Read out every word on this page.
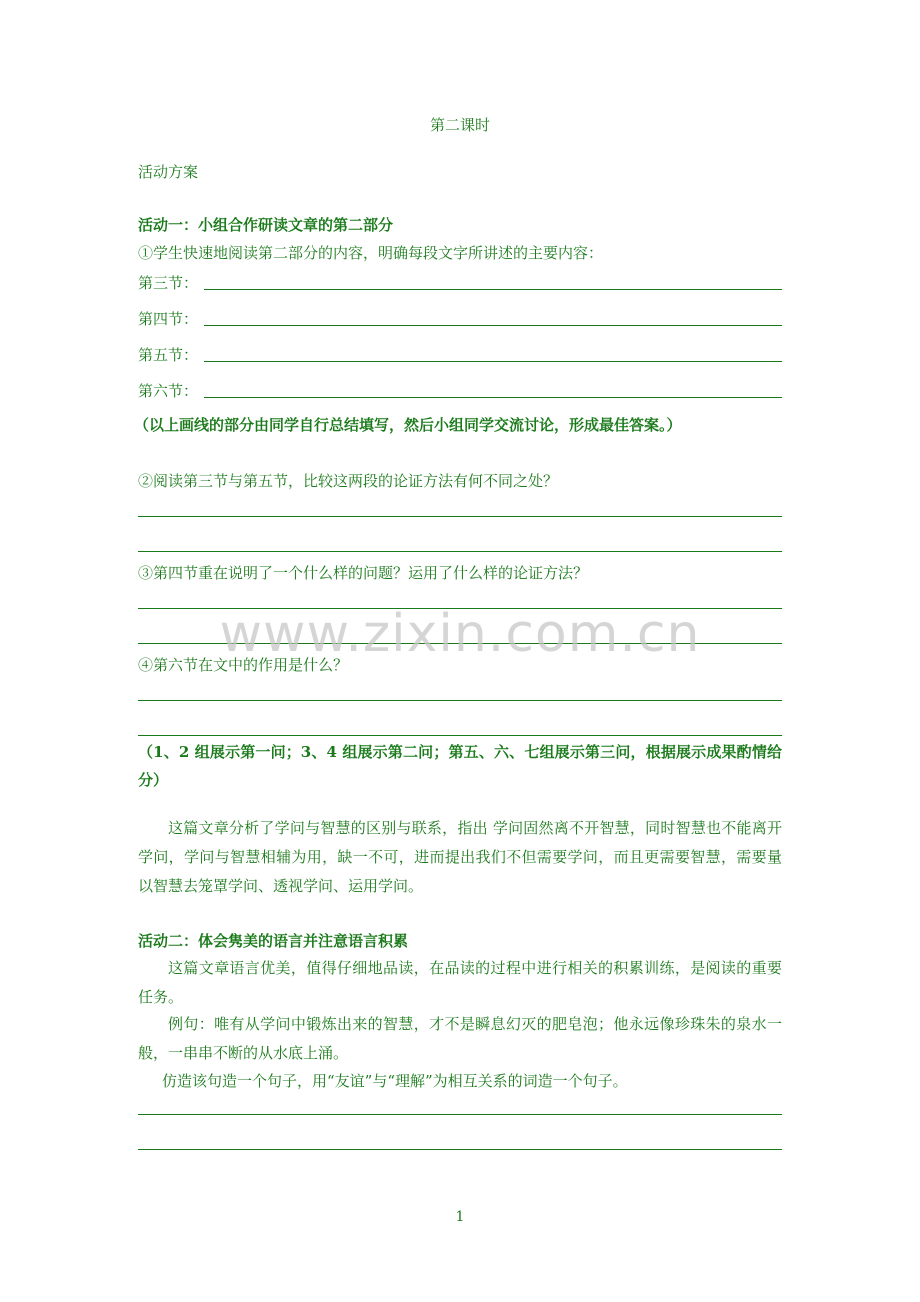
第二课时
活动方案
活动一：小组合作研读文章的第二部分
①学生快速地阅读第二部分的内容，明确每段文字所讲述的主要内容：
第三节：
第四节：
第五节：
第六节：
（以上画线的部分由同学自行总结填写，然后小组同学交流讨论，形成最佳答案。）
②阅读第三节与第五节，比较这两段的论证方法有何不同之处？
③第四节重在说明了一个什么样的问题？运用了什么样的论证方法？
④第六节在文中的作用是什么？
（1、2 组展示第一问；3、4 组展示第二问；第五、六、七组展示第三问，根据展示成果酌情给分）
这篇文章分析了学问与智慧的区别与联系，指出 学问固然离不开智慧，同时智慧也不能离开学问，学问与智慧相辅为用，缺一不可，进而提出我们不但需要学问，而且更需要智慧，需要量以智慧去笼罩学问、透视学问、运用学问。
活动二：体会隽美的语言并注意语言积累
这篇文章语言优美，值得仔细地品读，在品读的过程中进行相关的积累训练，是阅读的重要任务。
例句：唯有从学问中锻炼出来的智慧，才不是瞬息幻灭的肥皂泡；他永远像珍珠朱的泉水一般，一串串不断的从水底上涌。
仿造该句造一个句子，用“友谊”与“理解”为相互关系的词造一个句子。
www.zixin.com.cn
1
